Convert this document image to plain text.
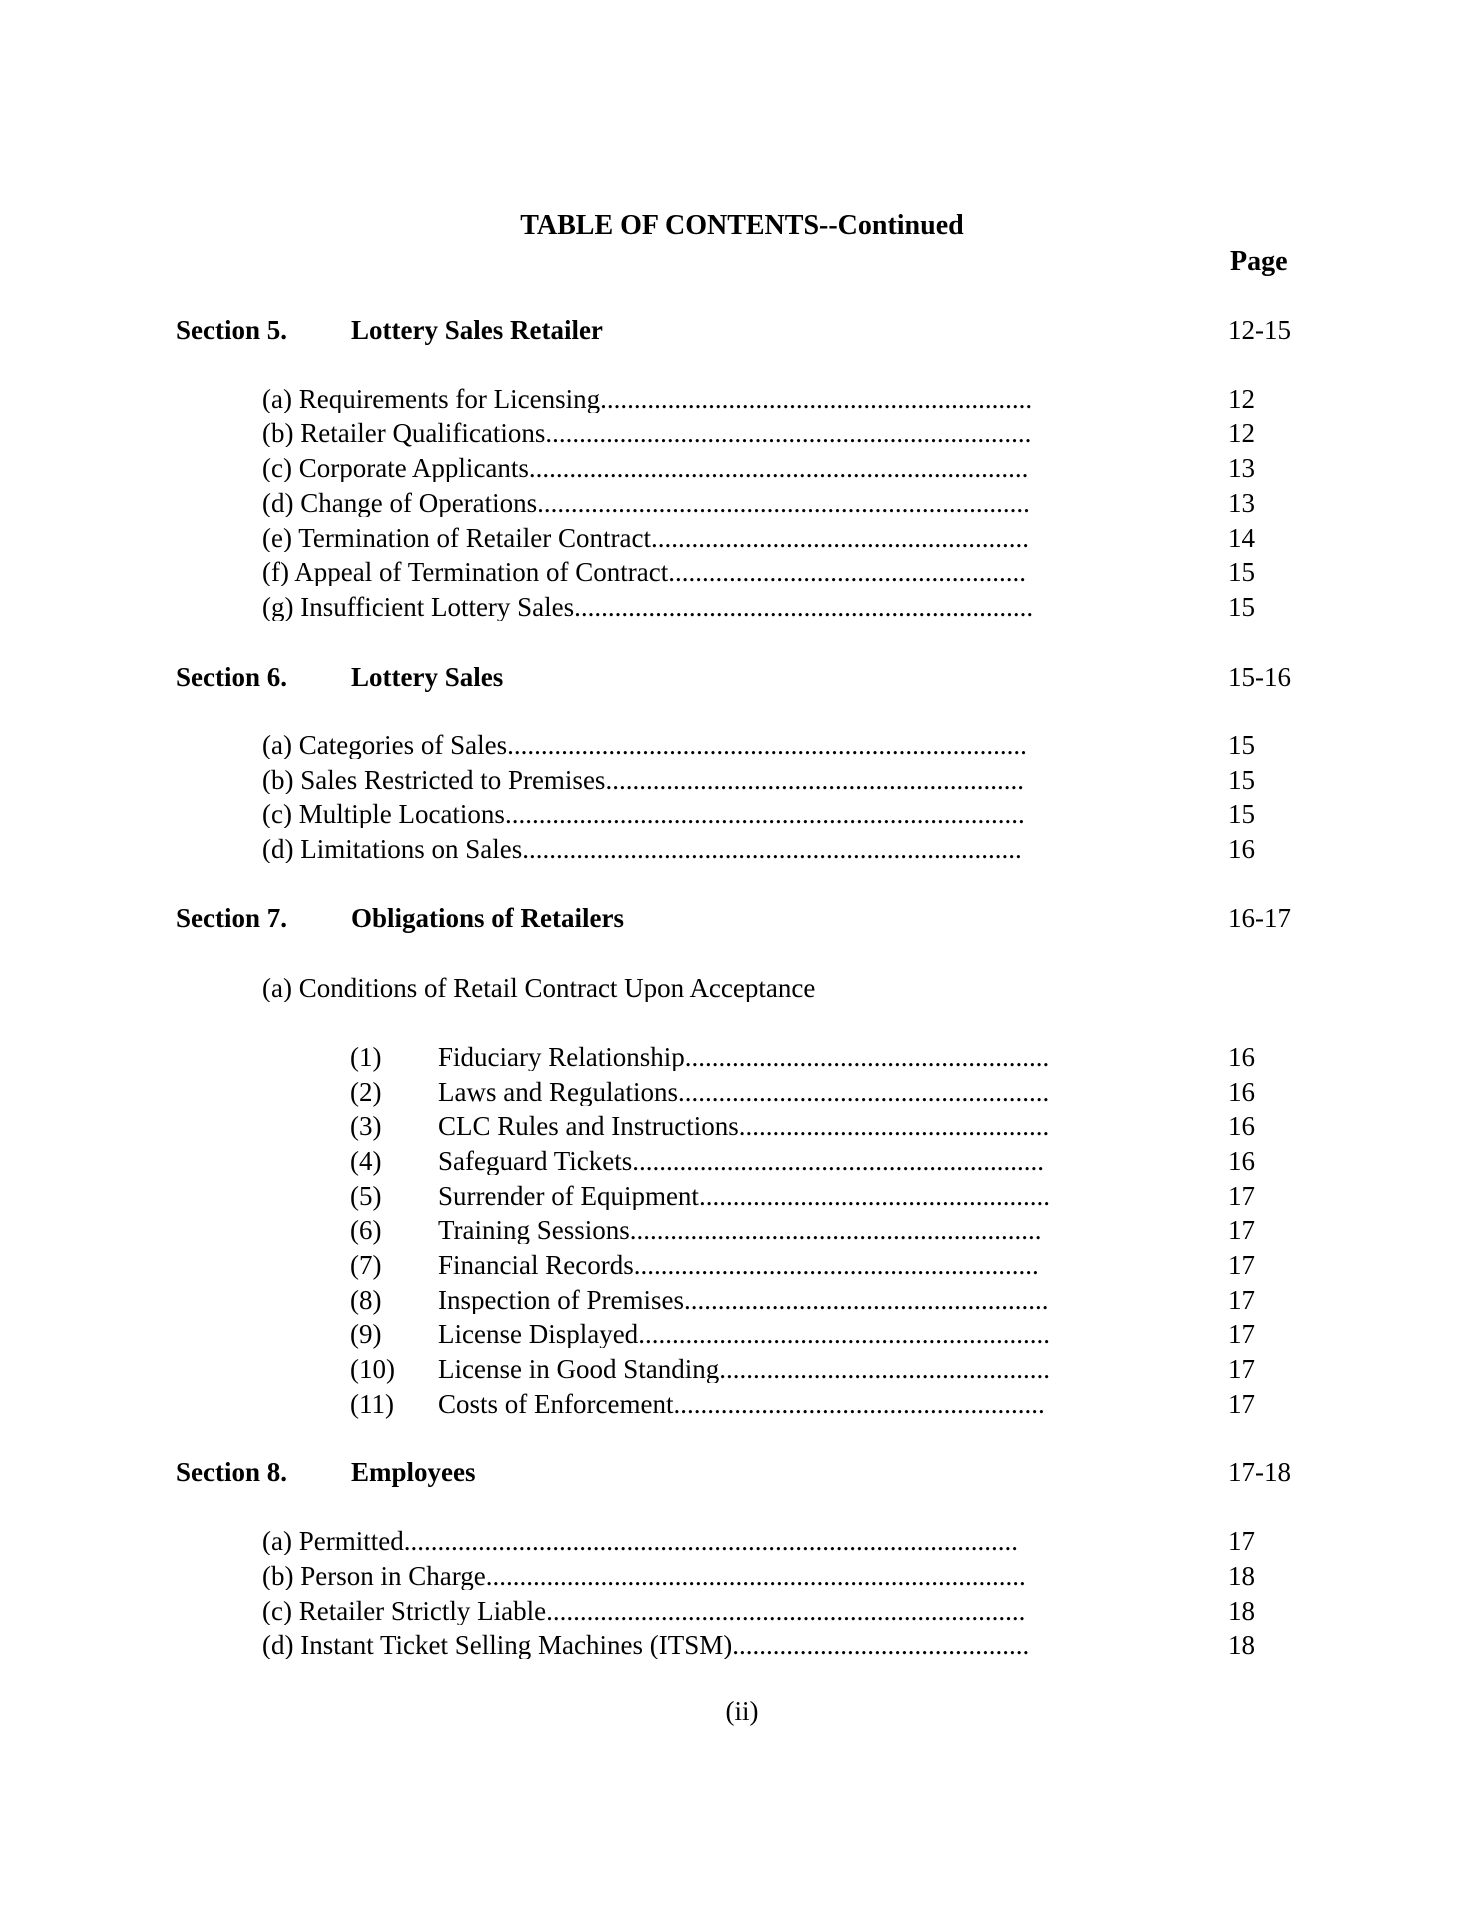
TABLE OF CONTENTS--Continued
Page
Section 5. Lottery Sales Retailer	12-15
(a) Requirements for Licensing................................................................	12
(b) Retailer Qualifications........................................................................	12
(c) Corporate Applicants..........................................................................	13
(d) Change of Operations.........................................................................	13
(e) Termination of Retailer Contract........................................................	14
(f) Appeal of Termination of Contract.....................................................	15
(g) Insufficient Lottery Sales....................................................................	15
Section 6. Lottery Sales	15-16
(a) Categories of Sales.............................................................................	15
(b) Sales Restricted to Premises..............................................................	15
(c) Multiple Locations.............................................................................	15
(d) Limitations on Sales..........................................................................	16
Section 7. Obligations of Retailers	16-17
(a) Conditions of Retail Contract Upon Acceptance
(1) Fiduciary Relationship......................................................	16
(2) Laws and Regulations.......................................................	16
(3) CLC Rules and Instructions..............................................	16
(4) Safeguard Tickets.............................................................	16
(5) Surrender of Equipment....................................................	17
(6) Training Sessions.............................................................	17
(7) Financial Records............................................................	17
(8) Inspection of Premises......................................................	17
(9) License Displayed.............................................................	17
(10) License in Good Standing.................................................	17
(11) Costs of Enforcement.......................................................	17
Section 8. Employees	17-18
(a) Permitted...........................................................................................	17
(b) Person in Charge................................................................................	18
(c) Retailer Strictly Liable.......................................................................	18
(d) Instant Ticket Selling Machines (ITSM)............................................	18
(ii)
